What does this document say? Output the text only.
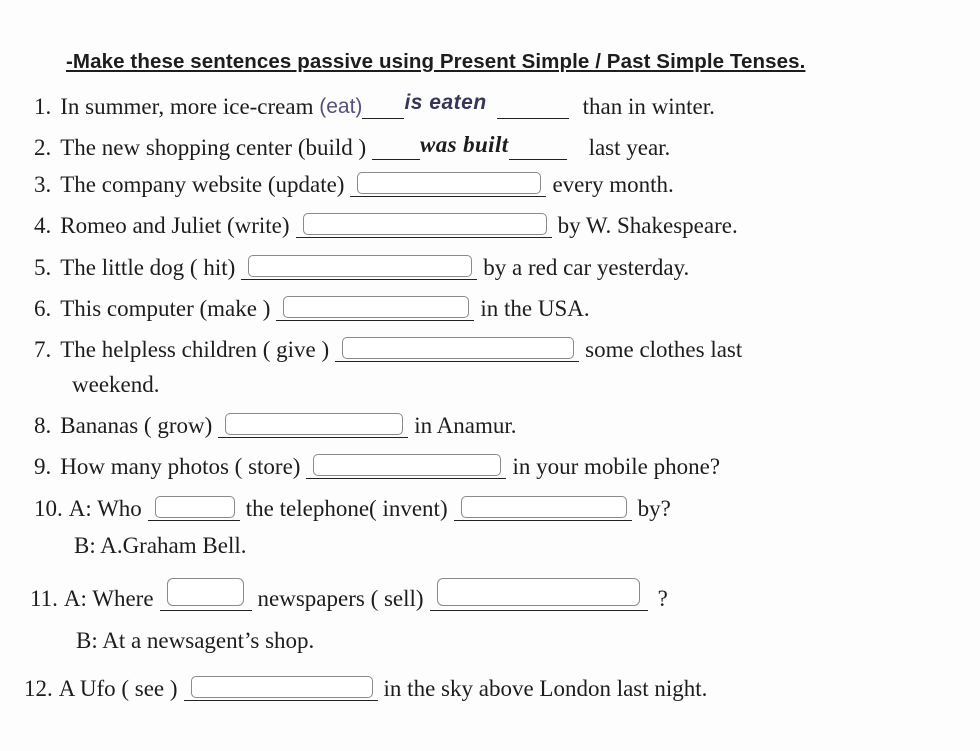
-Make these sentences passive using Present Simple / Past Simple Tenses.
1. In summer, more ice-cream
(eat) is eaten	than in winter.
2. The new shopping center (build )
was built	last year.
3. The company website (update)	every month.
4. Romeo and Juliet (write)	by W. Shakespeare.
5. The little dog ( hit)	by a red car yesterday.
6. This computer (make )	in the USA.
7. The helpless children ( give )	some clothes last
weekend.
8. Bananas ( grow)	in Anamur.
9. How many photos ( store)	in your mobile phone?
10. A: Who	the telephone( invent)	by?
B: A.Graham Bell.
11. A: Where	newspapers ( sell)	?
B: At a newsagent’s shop.
12. A Ufo ( see )	in the sky above London last night.
